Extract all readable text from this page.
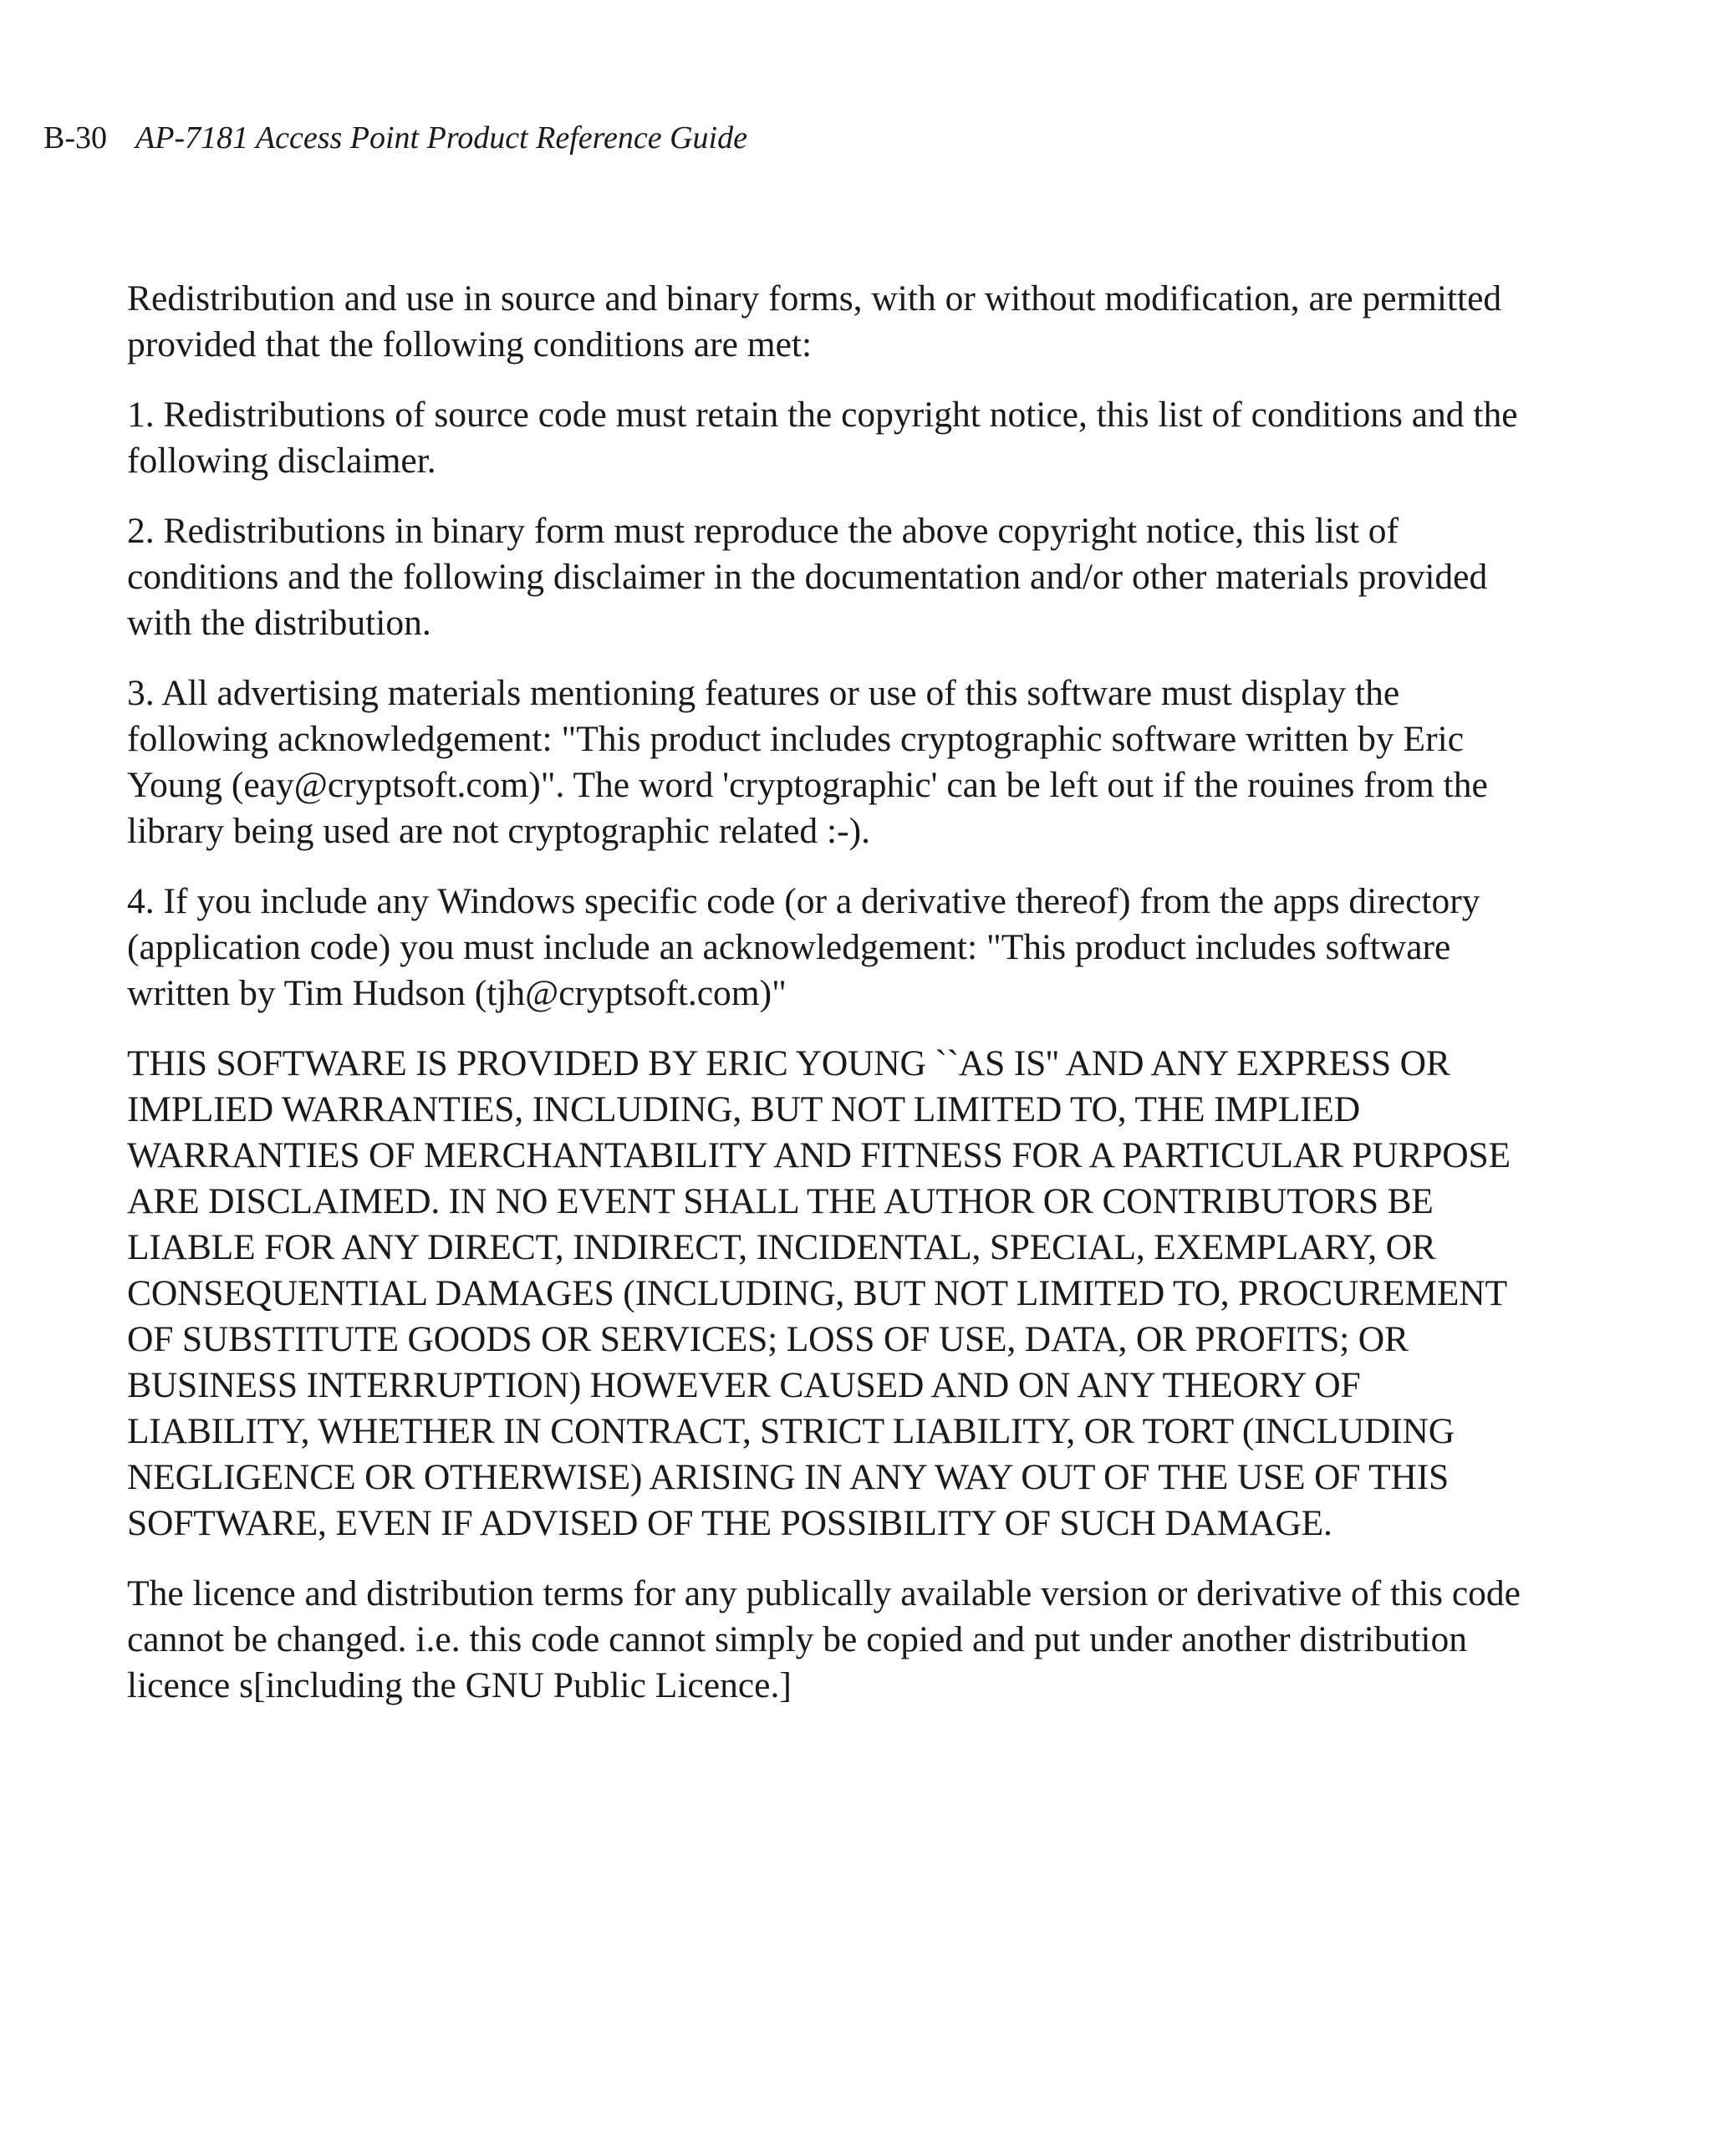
B-30 AP-7181 Access Point Product Reference Guide

Redistribution and use in source and binary forms, with or without modification, are permitted provided that the following conditions are met:

1. Redistributions of source code must retain the copyright notice, this list of conditions and the following disclaimer.

2. Redistributions in binary form must reproduce the above copyright notice, this list of conditions and the following disclaimer in the documentation and/or other materials provided with the distribution.

3. All advertising materials mentioning features or use of this software must display the following acknowledgement: "This product includes cryptographic software written by Eric Young (eay@cryptsoft.com)". The word 'cryptographic' can be left out if the rouines from the library being used are not cryptographic related :-).

4. If you include any Windows specific code (or a derivative thereof) from the apps directory (application code) you must include an acknowledgement: "This product includes software written by Tim Hudson (tjh@cryptsoft.com)"

THIS SOFTWARE IS PROVIDED BY ERIC YOUNG ``AS IS'' AND ANY EXPRESS OR IMPLIED WARRANTIES, INCLUDING, BUT NOT LIMITED TO, THE IMPLIED WARRANTIES OF MERCHANTABILITY AND FITNESS FOR A PARTICULAR PURPOSE ARE DISCLAIMED. IN NO EVENT SHALL THE AUTHOR OR CONTRIBUTORS BE LIABLE FOR ANY DIRECT, INDIRECT, INCIDENTAL, SPECIAL, EXEMPLARY, OR CONSEQUENTIAL DAMAGES (INCLUDING, BUT NOT LIMITED TO, PROCUREMENT OF SUBSTITUTE GOODS OR SERVICES; LOSS OF USE, DATA, OR PROFITS; OR BUSINESS INTERRUPTION) HOWEVER CAUSED AND ON ANY THEORY OF LIABILITY, WHETHER IN CONTRACT, STRICT LIABILITY, OR TORT (INCLUDING NEGLIGENCE OR OTHERWISE) ARISING IN ANY WAY OUT OF THE USE OF THIS SOFTWARE, EVEN IF ADVISED OF THE POSSIBILITY OF SUCH DAMAGE.

The licence and distribution terms for any publically available version or derivative of this code cannot be changed. i.e. this code cannot simply be copied and put under another distribution licence s[including the GNU Public Licence.]
